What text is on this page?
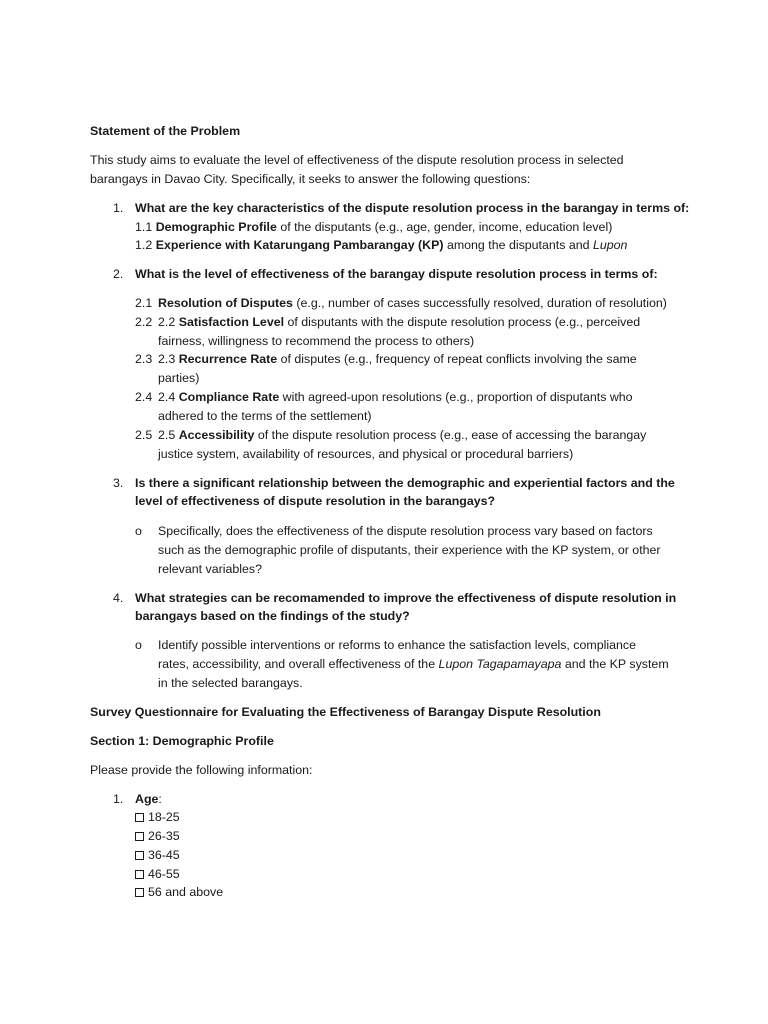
Statement of the Problem
This study aims to evaluate the level of effectiveness of the dispute resolution process in selected
barangays in Davao City. Specifically, it seeks to answer the following questions:
1. What are the key characteristics of the dispute resolution process in the barangay in terms of:
1.1 Demographic Profile of the disputants (e.g., age, gender, income, education level)
1.2 Experience with Katarungang Pambarangay (KP) among the disputants and Lupon
2. What is the level of effectiveness of the barangay dispute resolution process in terms of:
2.1 Resolution of Disputes (e.g., number of cases successfully resolved, duration of resolution)
2.2 2.2 Satisfaction Level of disputants with the dispute resolution process (e.g., perceived
fairness, willingness to recommend the process to others)
2.3 2.3 Recurrence Rate of disputes (e.g., frequency of repeat conflicts involving the same
parties)
2.4 2.4 Compliance Rate with agreed-upon resolutions (e.g., proportion of disputants who
adhered to the terms of the settlement)
2.5 2.5 Accessibility of the dispute resolution process (e.g., ease of accessing the barangay
justice system, availability of resources, and physical or procedural barriers)
3. Is there a significant relationship between the demographic and experiential factors and the
level of effectiveness of dispute resolution in the barangays?
o Specifically, does the effectiveness of the dispute resolution process vary based on factors
such as the demographic profile of disputants, their experience with the KP system, or other
relevant variables?
4. What strategies can be recomamended to improve the effectiveness of dispute resolution in
barangays based on the findings of the study?
o Identify possible interventions or reforms to enhance the satisfaction levels, compliance
rates, accessibility, and overall effectiveness of the Lupon Tagapamayapa and the KP system
in the selected barangays.
Survey Questionnaire for Evaluating the Effectiveness of Barangay Dispute Resolution
Section 1: Demographic Profile
Please provide the following information:
1. Age:
18-25
26-35
36-45
46-55
56 and above
